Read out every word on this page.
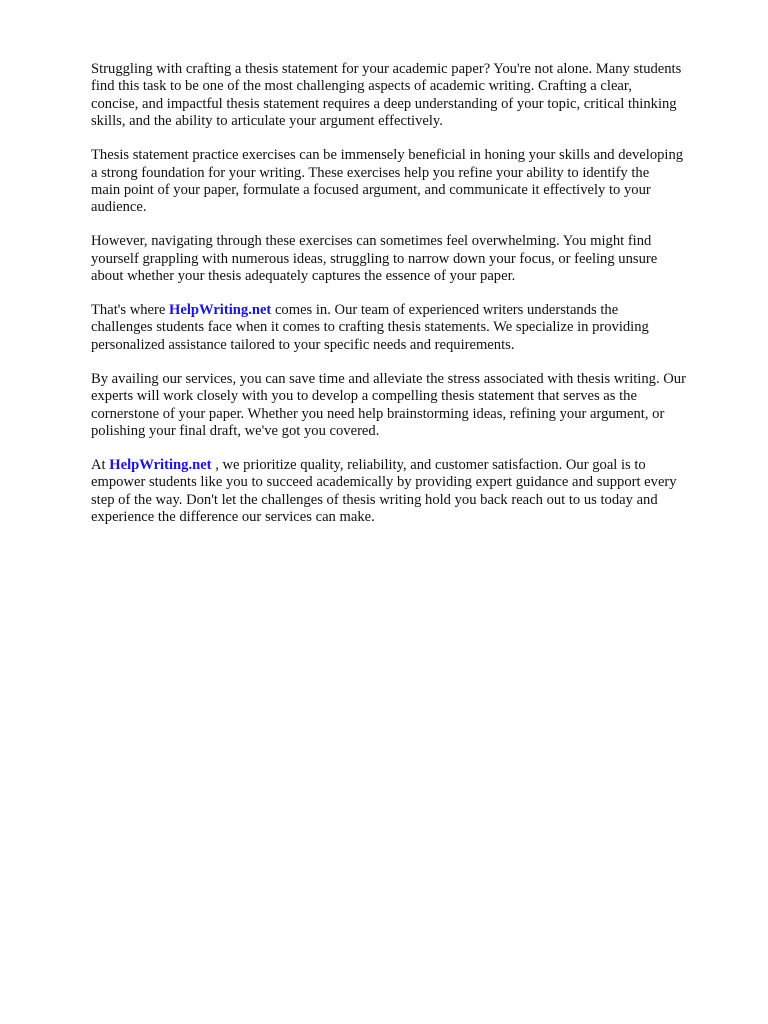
Struggling with crafting a thesis statement for your academic paper? You're not alone. Many students
find this task to be one of the most challenging aspects of academic writing. Crafting a clear,
concise, and impactful thesis statement requires a deep understanding of your topic, critical thinking
skills, and the ability to articulate your argument effectively.

Thesis statement practice exercises can be immensely beneficial in honing your skills and developing
a strong foundation for your writing. These exercises help you refine your ability to identify the
main point of your paper, formulate a focused argument, and communicate it effectively to your
audience.

However, navigating through these exercises can sometimes feel overwhelming. You might find
yourself grappling with numerous ideas, struggling to narrow down your focus, or feeling unsure
about whether your thesis adequately captures the essence of your paper.

That's where HelpWriting.net comes in. Our team of experienced writers understands the
challenges students face when it comes to crafting thesis statements. We specialize in providing
personalized assistance tailored to your specific needs and requirements.

By availing our services, you can save time and alleviate the stress associated with thesis writing. Our
experts will work closely with you to develop a compelling thesis statement that serves as the
cornerstone of your paper. Whether you need help brainstorming ideas, refining your argument, or
polishing your final draft, we've got you covered.

At HelpWriting.net , we prioritize quality, reliability, and customer satisfaction. Our goal is to
empower students like you to succeed academically by providing expert guidance and support every
step of the way. Don't let the challenges of thesis writing hold you back reach out to us today and
experience the difference our services can make.
